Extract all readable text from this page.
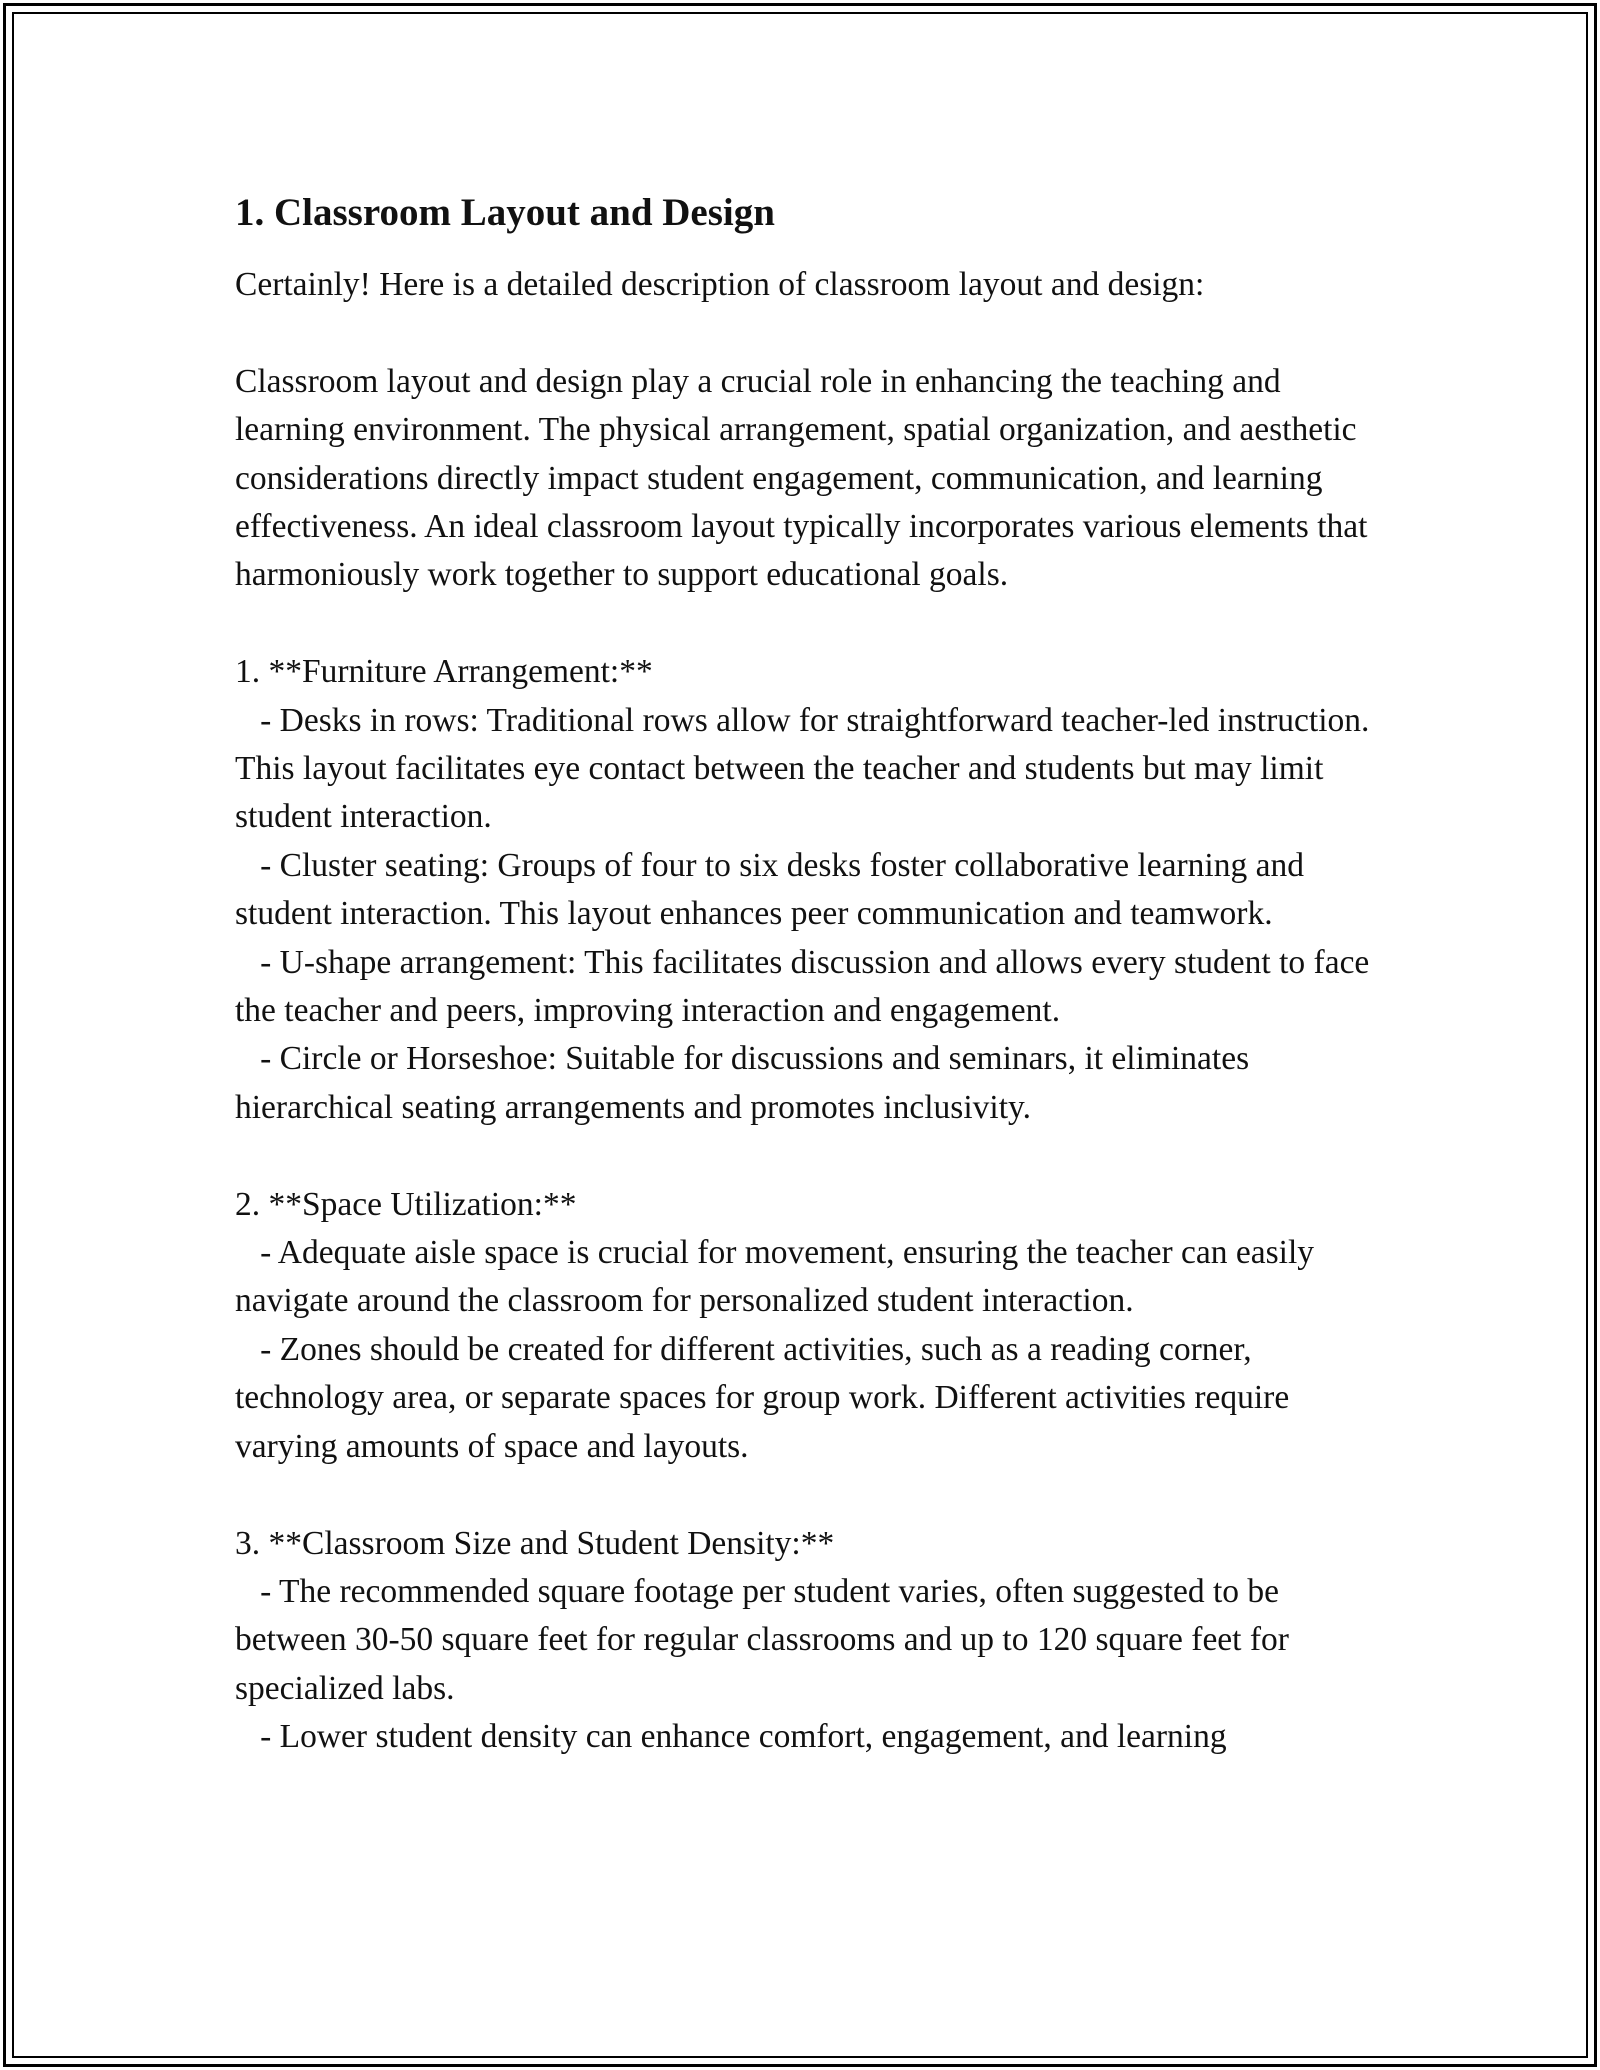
1. Classroom Layout and Design

Certainly! Here is a detailed description of classroom layout and design:

Classroom layout and design play a crucial role in enhancing the teaching and learning environment. The physical arrangement, spatial organization, and aesthetic considerations directly impact student engagement, communication, and learning effectiveness. An ideal classroom layout typically incorporates various elements that harmoniously work together to support educational goals.

1. **Furniture Arrangement:**

- Desks in rows: Traditional rows allow for straightforward teacher-led instruction. This layout facilitates eye contact between the teacher and students but may limit student interaction.

- Cluster seating: Groups of four to six desks foster collaborative learning and student interaction. This layout enhances peer communication and teamwork.

- U-shape arrangement: This facilitates discussion and allows every student to face the teacher and peers, improving interaction and engagement.

- Circle or Horseshoe: Suitable for discussions and seminars, it eliminates hierarchical seating arrangements and promotes inclusivity.

2. **Space Utilization:**

- Adequate aisle space is crucial for movement, ensuring the teacher can easily navigate around the classroom for personalized student interaction.

- Zones should be created for different activities, such as a reading corner, technology area, or separate spaces for group work. Different activities require varying amounts of space and layouts.

3. **Classroom Size and Student Density:**

- The recommended square footage per student varies, often suggested to be between 30-50 square feet for regular classrooms and up to 120 square feet for specialized labs.

- Lower student density can enhance comfort, engagement, and learning
